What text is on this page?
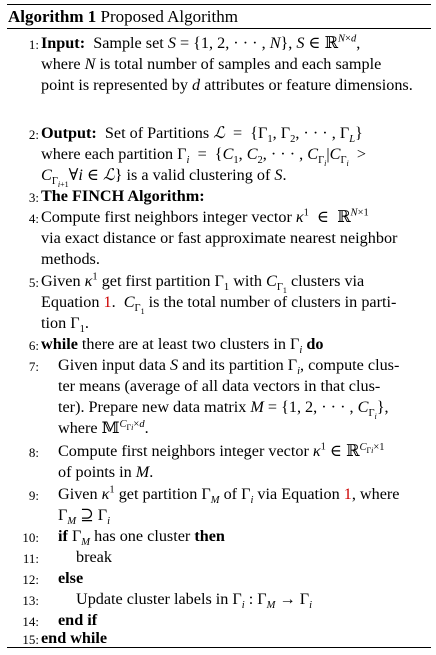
Algorithm 1 Proposed Algorithm
1: Input:  Sample set S = {1, 2, · · · , N}, S ∈ ℝ$^{N\times d}$,
where N is total number of samples and each sample
point is represented by d attributes or feature dimensions.
2: Output:  Set of Partitions ℒ  =  {$\Gamma_1$, $\Gamma_2$, · · · , $\Gamma_L$}
where each partition $\Gamma_i = \{C_1$, $C_2$, · · · , $C_{\Gamma_i}|C_{\Gamma_i}$  >
$C_{\Gamma_{i+1}}\forall i$ ∈ ℒ} is a valid clustering of S.
3: The FINCH Algorithm:
4: Compute first neighbors integer vector $\kappa^1$  ∈  ℝ$^{N\times 1}$
via exact distance or fast approximate nearest neighbor
methods.
5: Given $\kappa^1$ get first partition $\Gamma_1$ with $C_{\Gamma_1}$ clusters via
Equation 1.  $C_{\Gamma_1}$ is the total number of clusters in parti-
tion $\Gamma_1$.
6: while there are at least two clusters in $\Gamma_i$ do
7: Given input data S and its partition $\Gamma_i$, compute clus-
ter means (average of all data vectors in that clus-
ter). Prepare new data matrix M = {1, 2, · · · , $C_{\Gamma_i}$},
where 𝕄$^{C_{\Gamma i}\times d}$.
8: Compute first neighbors integer vector $\kappa^1$ ∈ ℝ$^{C_{\Gamma i}\times 1}$
of points in M.
9: Given $\kappa^1$ get partition $\Gamma_M$ of $\Gamma_i$ via Equation 1, where
$\Gamma_M$ ⊇ $\Gamma_i$
10: if $\Gamma_M$ has one cluster then
11: break
12: else
13: Update cluster labels in $\Gamma_i$ : $\Gamma_M \to \Gamma_i$
14: end if
15: end while
